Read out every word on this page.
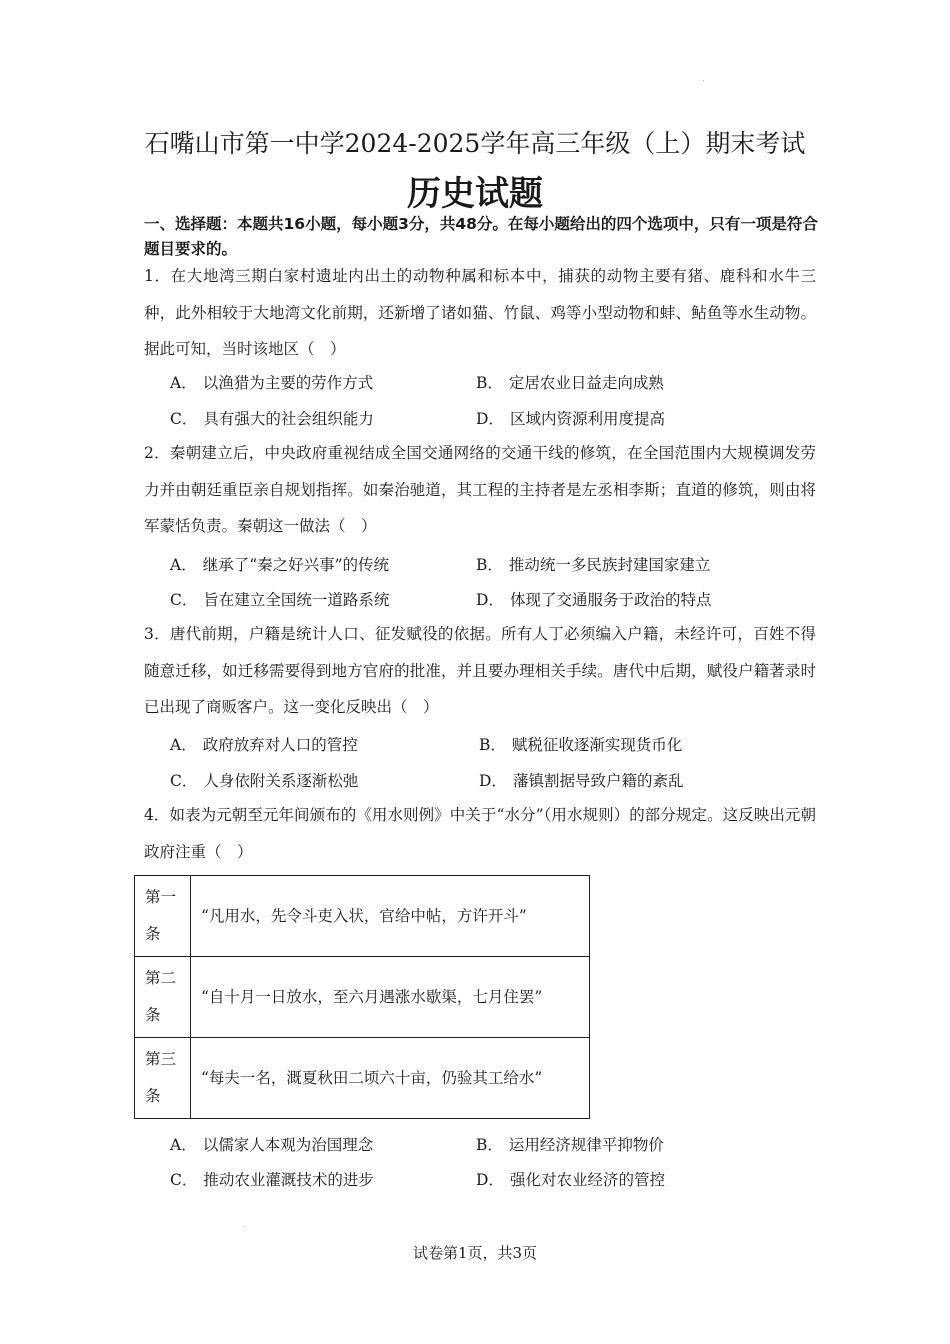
石嘴山市第一中学2024-2025学年高三年级（上）期末考试
历史试题
一、选择题：本题共16小题，每小题3分，共48分。在每小题给出的四个选项中，只有一项是符合题目要求的。
1．在大地湾三期白家村遗址内出土的动物种属和标本中，捕获的动物主要有猪、鹿科和水牛三种，此外相较于大地湾文化前期，还新增了诸如猫、竹鼠、鸡等小型动物和蚌、鲇鱼等水生动物。据此可知，当时该地区（　）
A． 以渔猎为主要的劳作方式	B． 定居农业日益走向成熟
C． 具有强大的社会组织能力	D． 区域内资源利用度提高
2．秦朝建立后，中央政府重视结成全国交通网络的交通干线的修筑，在全国范围内大规模调发劳力并由朝廷重臣亲自规划指挥。如秦治驰道，其工程的主持者是左丞相李斯；直道的修筑，则由将军蒙恬负责。秦朝这一做法（　）
A． 继承了“秦之好兴事”的传统	B． 推动统一多民族封建国家建立
C． 旨在建立全国统一道路系统	D． 体现了交通服务于政治的特点
3．唐代前期，户籍是统计人口、征发赋役的依据。所有人丁必须编入户籍，未经许可，百姓不得随意迁移，如迁移需要得到地方官府的批准，并且要办理相关手续。唐代中后期，赋役户籍著录时已出现了商贩客户。这一变化反映出（　）
A． 政府放弃对人口的管控	B． 赋税征收逐渐实现货币化
C． 人身依附关系逐渐松弛	D． 藩镇割据导致户籍的紊乱
4．如表为元朝至元年间颁布的《用水则例》中关于“水分”（用水规则）的部分规定。这反映出元朝政府注重（　）
第一条	“凡用水，先令斗吏入状，官给中帖，方许开斗”
第二条	“自十月一日放水，至六月遇涨水歇渠，七月住罢”
第三条	“每夫一名，溉夏秋田二顷六十亩，仍验其工给水”
A． 以儒家人本观为治国理念	B． 运用经济规律平抑物价
C． 推动农业灌溉技术的进步	D． 强化对农业经济的管控
试卷第1页，共3页
